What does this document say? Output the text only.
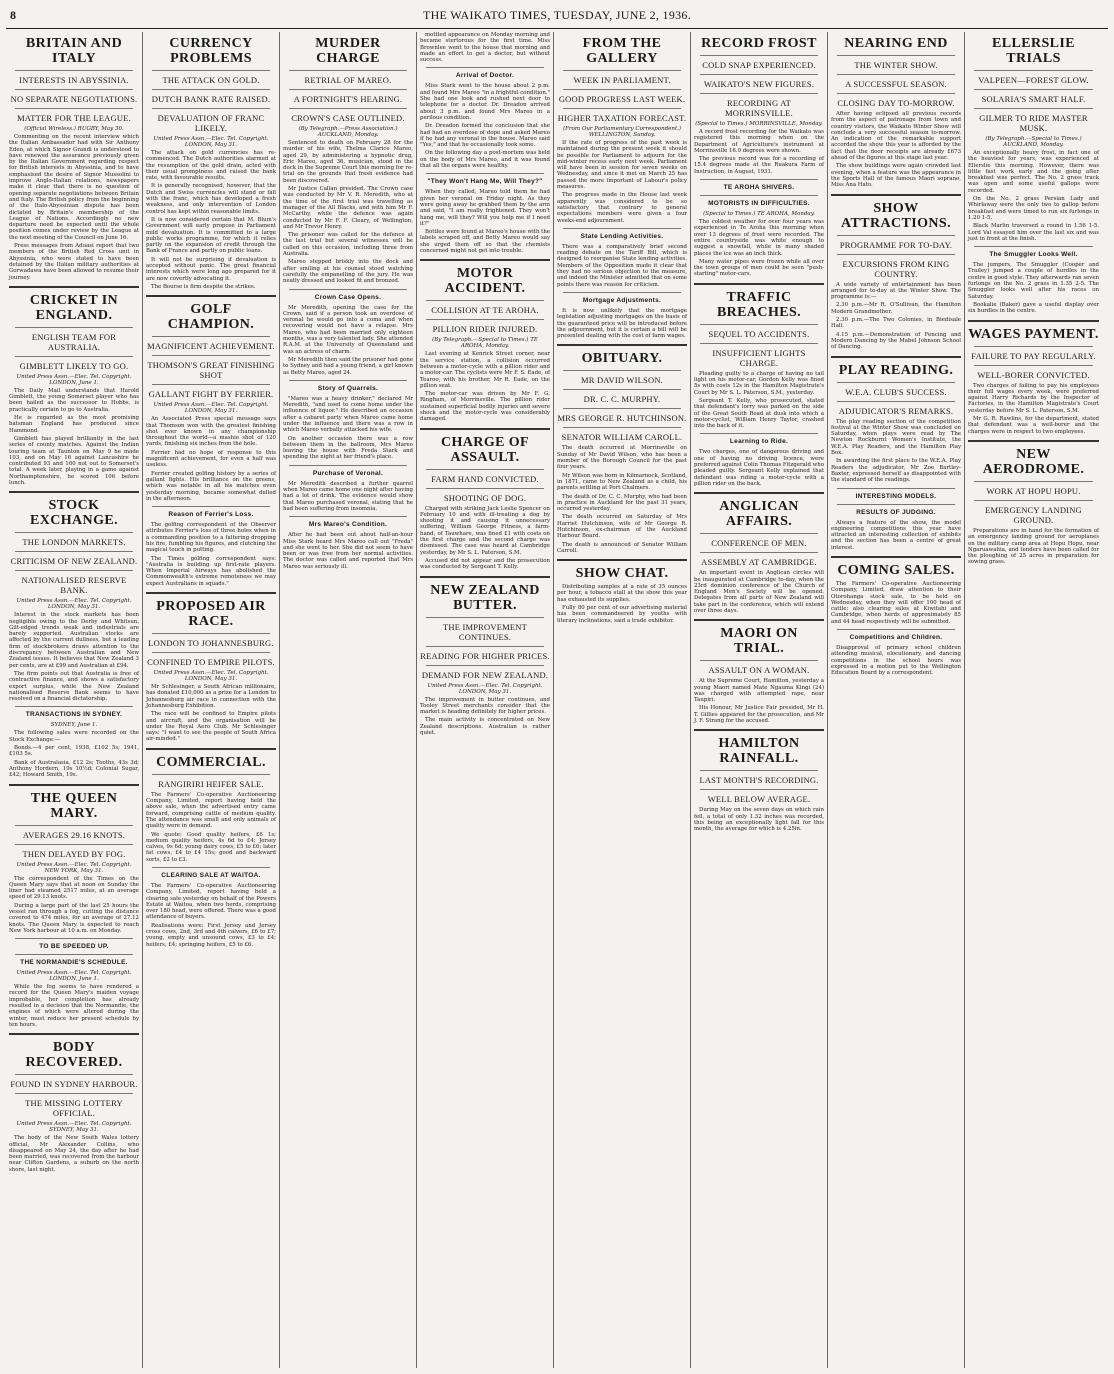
8	THE WAIKATO TIMES, TUESDAY, JUNE 2, 1936.
BRITAIN AND ITALY
INTERESTS IN ABYSSINIA.
NO SEPARATE NEGOTIATIONS.
MATTER FOR THE LEAGUE.
(Official Wireless.) RUGBY, May 30.

Commenting on the recent interview which the Italian Ambassador had with Sir Anthony Eden, at which Signor Grandi is understood to have renewed the assurance previously given by the Italian Government regarding respect for British interests in Abyssinia, and to have emphasised the desire of Signor Mussolini to improve Anglo-Italian relations, newspapers make it clear that there is no question of opening separate negotiations between Britain and Italy. The British policy from the beginning of the Italo-Abyssinian dispute has been dictated by Britain's membership of the League of Nations. Accordingly no new departure need be expected until the whole position comes under review by the League at the next meeting of the Council on June 16.

Press messages from Aduasi report that two members of the British Red Cross unit in Abyssinia, who were stated to have been detained by the Italian military authorities at Gorwadawa have been allowed to resume their journey.

CRICKET IN ENGLAND.
ENGLISH TEAM FOR AUSTRALIA.
GIMBLETT LIKELY TO GO.
United Press Assn.—Elec. Tel. Copyright. LONDON, June 1.

The Daily Mail understands that Harold Gimblett, the young Somerset player who has been hailed as the successor to Hobbs, is practically certain to go to Australia.

He is regarded as the most promising batsman England has produced since Hammond.

Gimblett has played brilliantly in the last series of county matches. Against the Indian touring team at Taunton on May 9 he made 103, and on May 16 against Lancashire he contributed 93 and 160 not out to Somerset's total. A week later, playing in a game against Northamptonshire, he scored 106 before lunch.

STOCK EXCHANGE.
THE LONDON MARKETS.
CRITICISM OF NEW ZEALAND.
NATIONALISED RESERVE BANK.
United Press Assn.—Elec. Tel. Copyright. LONDON, May 31.

Interest in the stock markets has been negligible owing to the Derby and Whitsun. Gilt-edged trends weak and industrials are barely supported. Australian stocks are affected by the current dullness, but a leading firm of stockbrokers draws attention to the discrepancy between Australian and New Zealand issues. It believes that New Zealand 3 per cents, are at £99 and Australian at £94.

The firm points out that Australia is free of contractive finance, and shows a satisfactory export surplus, while the New Zealand nationalised Reserve Bank seems to have resolved on a financial dictatorship.

TRANSACTIONS IN SYDNEY.
SYDNEY, June 1.

The following sales were recorded on the Stock Exchange:—

Bonds.—4 per cent, 1938, £102 5s; 1941, £103 5s.

Bank of Australasia, £12 2s; Tooths, 43s 3d; Anthony Hordern, 19s 10½d; Colonial Sugar, £42; Howard Smith, 19s.

THE QUEEN MARY.
AVERAGES 29.16 KNOTS.
THEN DELAYED BY FOG.
United Press Assn.—Elec. Tel. Copyright. NEW YORK, May 31.

The correspondent of the Times on the Queen Mary says that at noon on Sunday the liner had steamed 2517 miles, at an average speed of 29.13 knots.

During a large part of the last 25 hours the vessel ran through a fog, cutting the distance covered to 474 miles, for an average of 27.12 knots. The Queen Mary is expected to reach New York harbour at 10 a.m. on Monday.

TO BE SPEEDED UP.
THE NORMANDIE'S SCHEDULE.
United Press Assn.—Elec. Tel. Copyright. LONDON, June 1.

While the fog seems to have rendered a record for the Queen Mary's maiden voyage improbable, her completion has already resulted in a decision that the Normandie, the engines of which were altered during the winter, must reduce her present schedule by ten hours.

BODY RECOVERED.
FOUND IN SYDNEY HARBOUR.
THE MISSING LOTTERY OFFICIAL.
United Press Assn.—Elec. Tel. Copyright. SYDNEY, May 31.

The body of the New South Wales lottery official, Mr Alexander Collins, who disappeared on May 24, the day after he had been married, was recovered from the harbour near Clifton Gardens, a suburb on the north shore, last night.

CURRENCY PROBLEMS
THE ATTACK ON GOLD.
DUTCH BANK RATE RAISED.
DEVALUATION OF FRANC LIKELY.
United Press Assn.—Elec. Tel. Copyright. LONDON, May 31.

The attack on gold currencies has re-commenced. The Dutch authorities alarmed at the resumption of the gold drain, acted with their usual promptness and raised the bank rate, with favourable results.

It is generally recognised, however, that the Dutch and Swiss currencies will stand or fall with the franc, which has developed a fresh weakness, and only intervention of London control has kept within reasonable limits.

It is now considered certain that M. Blum's Government will early propose in Parliament mild devaluation. It is committed to a large public works programme, for which it relies partly on the expansion of credit through the Bank of France and partly on public loans.

It will not be surprising if devaluation is accepted without panic. The great financial interests which were long ago prepared for it are now covertly advocating it.

The Bourse is firm despite the strikes.

GOLF CHAMPION.
MAGNIFICENT ACHIEVEMENT.
THOMSON'S GREAT FINISHING SHOT
GALLANT FIGHT BY FERRIER.
United Press Assn.—Elec. Tel. Copyright. LONDON, May 31.

An Associated Press special message says that Thomson won with the greatest finishing shot ever known in any championship throughout the world—a mashie shot of 120 yards, finishing six inches from the hole.

Ferrier had no hope of response to this magnificent achievement, for even a half was useless.

Ferrier created golfing history by a series of gallant fights. His brilliance on the greens, which was notable in all his matches even yesterday morning, became somewhat dulled in the afternoon.

Reason of Ferrier's Loss.

The golfing correspondent of the Observer attributes Ferrier's loss of three holes when in a commanding position to a faltering dropping his fire, fumbling his figures, and clutching the magical touch in putting.

The Times golfing correspondent says: "Australia is building up first-rate players. When Imperial Airways has abolished the Commonwealth's extreme remoteness we may expect Australians in squads."

PROPOSED AIR RACE.
LONDON TO JOHANNESBURG.
CONFINED TO EMPIRE PILOTS.
United Press Assn.—Elec. Tel. Copyright. LONDON, May 31.

Mr Schlesinger, a South African millionaire, has donated £10,000 as a prize for a London to Johannesburg air race in connection with the Johannesburg Exhibition.

The race will be confined to Empire pilots and aircraft, and the organisation will be under the Royal Aero Club. Mr Schlesinger says: "I want to see the people of South Africa air-minded."

COMMERCIAL.
RANGIRIRI HEIFER SALE.

The Farmers' Co-operative Auctioneering Company, Limited, report having held the above sale, when the advertised entry came forward, comprising cattle of medium quality. The attendance was small and only animals of quality were in demand.

We quote: Good quality heifers, £6 1s; medium quality heifers, 4s 6d to £4; Jersey calves, 9s 6d; young dairy cows, £5 to £6; later fat cows, £4 to £4 15s; good and backward sorts, £2 to £3.

CLEARING SALE AT WAITOA.

The Farmers' Co-operative Auctioneering Company, Limited, report having held a clearing sale yesterday on behalf of the Powers Estate at Waitoa, when two herds, comprising over 180 head, were offered. There was a good attendance of buyers.

Realisations were: First Jersey and Jersey cross cows, 2nd, 3rd and 4th calvers, £6 to £7; young, empty and unsound cows, £3 to £4; heifers, £4; springing heifers, £5 to £6.

MURDER CHARGE
RETRIAL OF MAREO.
A FORTNIGHT'S HEARING.
CROWN'S CASE OUTLINED.
(By Telegraph.—Press Association.) AUCKLAND, Monday.

Sentenced to death on February 28 for the murder of his wife, Thelma Clarice Mareo, aged 29, by administering a hypnotic drug, Eric Mareo, aged 36, musician, stood in the dock in the Supreme Court this morning for re-trial on the grounds that fresh evidence had been discovered.

Mr Justice Callan presided. The Crown case was conducted by Mr V. R. Meredith, who at the time of the first trial was travelling as manager of the All Blacks, and with him Mr F. McCarthy, while the defence was again conducted by Mr F. F. Cleary, of Wellington, and Mr Trevor Henry.

The prisoner was called for the defence at the last trial but several witnesses will be called on this occasion, including three from Australia.

Mareo stepped briskly into the dock and after smiling at his counsel stood watching carefully the empanelling of the jury. He was neatly dressed and looked fit and bronzed.

Crown Case Opens.

Mr Meredith, opening the case for the Crown, said if a person took an overdose of veronal he would go into a coma and when recovering would not have a relapse. Mrs Mareo, who had been married only eighteen months, was a very talented lady. She attended R.A.M. at the University of Queensland and was an actress of charm.

Mr Meredith then said the prisoner had gone to Sydney and had a young friend, a girl known as Betty Mareo, aged 24.

Story of Quarrels.

"Mareo was a heavy drinker," declared Mr Meredith, "and used to come home under the influence of liquor." He described an occasion after a cabaret party when Mareo came home under the influence and there was a row in which Mareo verbally attacked his wife.

On another occasion there was a row between them in the ballroom, Mrs Mareo leaving the house with Freda Stark and spending the night at her friend's place.

Purchase of Veronal.

Mr Meredith described a further quarrel when Mareo came home one night after having had a lot of drink. The evidence would show that Mareo purchased veronal, stating that he had been suffering from insomnia.

Mrs Mareo's Condition.

After he had been out about half-an-hour Miss Stark heard Mrs Mareo call out "Freda" and she went to her. She did not seem to have been or was free from her normal activities. The doctor was called and reported that Mrs Mareo was seriously ill.

mottled appearance on Monday morning and became stertorous for the first time. Miss Brownlee went to the house that morning and made an effort to get a doctor, but without success.

Arrival of Doctor.

Miss Stark went to the house about 2 p.m. and found Mrs Mareo "in a frightful condition." She had one look and rushed next door to telephone for a doctor. Dr. Dreadon arrived about 3 p.m. and found Mrs Mareo in a perilous condition.

Dr. Dreadon formed the conclusion that she had had an overdose of dope and asked Mareo if he had any veronal in the house. Mareo said "Yes," and that he occasionally took some.

On the following day a post-mortem was held on the body of Mrs Mareo, and it was found that all the organs were healthy.

"They Won't Hang Me, Will They?"

When they called, Mareo told them he had given her veronal on Friday night. As they were going away he grabbed them by the arm and said, "I am really frightened. They won't hang me, will they? Will you help me if I need it?"

Bottles were found at Mareo's house with the labels scraped off, and Betty Mareo would say she urged them off so that the chemists concerned might not get into trouble.

MOTOR ACCIDENT.
COLLISION AT TE AROHA.
PILLION RIDER INJURED.
(By Telegraph.—Special to Times.) TE AROHA, Monday.

Last evening at Kenrick Street corner, near the service station, a collision occurred between a motor-cycle with a pillion rider and a motor-car. The cyclists were Mr F. S. Eade, of Tearoo, with his brother, Mr R. Eade, on the pillion seat.

The motor-car was driven by Mr F. G. Ringham, of Morrinsville. The pillion rider sustained superficial bodily injuries and severe shock and the motor-cycle was considerably damaged.

CHARGE OF ASSAULT.
FARM HAND CONVICTED.
SHOOTING OF DOG.

Charged with striking Jack Leslie Spencer on February 10 and with ill-treating a dog by shooting it and causing it unnecessary suffering, William George Fitness, a farm-hand, of Tauwhare, was fined £1 with costs on the first charge and the second charge was dismissed. The case was heard at Cambridge yesterday, by Mr S. L. Paterson, S.M.

Accused did not appear and the prosecution was conducted by Sergeant T. Kelly.

NEW ZEALAND BUTTER.
THE IMPROVEMENT CONTINUES.
READING FOR HIGHER PRICES.
DEMAND FOR NEW ZEALAND.
United Press Assn.—Elec. Tel. Copyright. LONDON, May 31.

The improvement in butter continues, and Tooley Street merchants consider that the market is heading definitely for higher prices.

The main activity is concentrated on New Zealand descriptions. Australian is rather quiet.

FROM THE GALLERY
WEEK IN PARLIAMENT.
GOOD PROGRESS LAST WEEK.
HIGHER TAXATION FORECAST.
(From Our Parliamentary Correspondent.) WELLINGTON, Sunday.

If the rate of progress of the past week is maintained during the present week it should be possible for Parliament to adjourn for the mid-winter recess early next week. Parliament will have been in session for seven weeks on Wednesday, and since it met on March 25 has passed the more important of Labour's policy measures.

The progress made in the House last week apparently was considered to be so satisfactory that contrary to general expectations members were given a four weeks-end adjournment.

State Lending Activities.

There was a comparatively brief second reading debate on the Tariff Bill, which is designed to reorganise State lending activities. Members of the Opposition made it clear that they had no serious objection to the measure, and indeed the Minister admitted that on some points there was reason for criticism.

Mortgage Adjustments.

It is now unlikely that the mortgage legislation adjusting mortgages on the basis of the guaranteed price will be introduced before the adjournment, but it is certain a bill will be presented dealing with the cost of farm wages.

OBITUARY.
MR DAVID WILSON.
DR. C. C. MURPHY.
MRS GEORGE R. HUTCHINSON.
SENATOR WILLIAM CAROLL.

The death occurred at Morrinsville on Sunday of Mr David Wilson, who has been a member of the Borough Council for the past four years.

Mr Wilson was born in Kilmarnock, Scotland, in 1871, came to New Zealand as a child, his parents settling at Port Chalmers.

The death of Dr. C. C. Murphy, who had been in practice in Auckland for the past 31 years, occurred yesterday.

The death occurred on Saturday of Mrs Harriet Hutchinson, wife of Mr George R. Hutchinson, ex-chairman of the Auckland Harbour Board.

The death is announced of Senator William Carroll.

SHOW CHAT.

Distributing samples at a rate of 35 ounces per hour, a tobacco stall at the show this year has exhausted its supplies.

Fully 80 per cent of our advertising material has been commandeered by youths with literary inclinations, said a trade exhibitor.

RECORD FROST
COLD SNAP EXPERIENCED.
WAIKATO'S NEW FIGURES.
RECORDING AT MORRINSVILLE.
(Special to Times.) MORRINSVILLE, Monday.

A record frost recording for the Waikato was registered this morning when on the Department of Agriculture's instrument at Morrinsville 16.9 degrees were shown.

The previous record was for a recording of 15.4 degrees made at the Ruakura Farm of Instruction, in August, 1931.

TE AROHA SHIVERS.
MOTORISTS IN DIFFICULTIES.
(Special to Times.) TE AROHA, Monday.

The coldest weather for over four years was experienced in Te Aroha this morning when over 13 degrees of frost were recorded. The entire countryside was white enough to suggest a snowfall, while in many shaded places the ice was an inch thick.

Many water pipes were frozen while all over the town groups of men could be seen "push-starting" motor-cars.

TRAFFIC BREACHES.
SEQUEL TO ACCIDENTS.
INSUFFICIENT LIGHTS CHARGE.

Pleading guilty to a charge of having no tail light on his motor-car, Gordon Kelly was fined 5s with costs 12s in the Hamilton Magistrate's Court by Mr S. L. Paterson, S.M., yesterday.

Sergeant T. Kelly, who prosecuted, stated that defendant's lorry was parked on the side of the Great South Road at dusk into which a motor-cyclist, William Henry Taylor, crashed into the back of it.

Learning to Ride.

Two charges, one of dangerous driving and one of having no driving licence, were preferred against Colin Thomas Fitzgerald who pleaded guilty. Sergeant Kelly explained that defendant was riding a motor-cycle with a pillion rider on the back.

ANGLICAN AFFAIRS.
CONFERENCE OF MEN.
ASSEMBLY AT CAMBRIDGE.

An important event in Anglican circles will be inaugurated at Cambridge to-day, when the 23rd dominion conference of the Church of England Men's Society will be opened. Delegates from all parts of New Zealand will take part in the conference, which will extend over three days.

MAORI ON TRIAL.
ASSAULT ON A WOMAN.

At the Supreme Court, Hamilton, yesterday a young Maori named Mate Ngauma Kingi (24) was charged with attempted rape, near Taupiri.

His Honour, Mr Justice Fair presided, Mr H. T. Gillies appeared for the prosecution, and Mr J. F. Strang for the accused.

HAMILTON RAINFALL.
LAST MONTH'S RECORDING.
WELL BELOW AVERAGE.

During May on the seven days on which rain fell, a total of only 1.32 inches was recorded, this being an exceptionally light fall for this month, the average for which is 4.25in.

NEARING END
THE WINTER SHOW.
A SUCCESSFUL SEASON.
CLOSING DAY TO-MORROW.

After having eclipsed all previous records from the aspect of patronage from town and country visitors, the Waikato Winter Show will conclude a very successful season to-morrow. An indication of the remarkable support accorded the show this year is afforded by the fact that the door receipts are already £673 ahead of the figures at this stage last year.

The show buildings were again crowded last evening, when a feature was the appearance in the Sports Hall of the famous Maori soprano, Miss Ana Hato.

SHOW ATTRACTIONS.
PROGRAMME FOR TO-DAY.
EXCURSIONS FROM KING COUNTRY.

A wide variety of entertainment has been arranged for to-day at the Winter Show. The programme is:—

2.30 p.m.—Mr R. O'Sullivan, the Hamilton Modern Grandmother.

2.30 p.m.—The Two Colonies, in Biedisale Hall.

4.15 p.m.—Demonstration of Fencing and Modern Dancing by the Mabel Johnson School of Dancing.

PLAY READING.
W.E.A. CLUB'S SUCCESS.
ADJUDICATOR'S REMARKS.

The play reading section of the competition festival at the Winter Show was concluded on Saturday, when plays were read by The Newton Rockburnt Women's Institute, the W.E.A. Play Readers, and the Hamilton Play Box.

In awarding the first place to the W.E.A. Play Readers the adjudicator, Mr Zoe Bartley-Baxter, expressed herself as disappointed with the standard of the readings.

INTERESTING MODELS.
RESULTS OF JUDGING.

Always a feature of the show, the model engineering competitions this year have attracted an interesting collection of exhibits and the section has been a centre of great interest.

COMING SALES.

The Farmers' Co-operative Auctioneering Company, Limited, draw attention to their Otorohanga stock sale, to be held on Wednesday, when they will offer 100 head of cattle; also clearing sales at Kiwitahi and Cambridge, when herds of approximately 85 and 44 head respectively will be submitted.

Competitions and Children.

Disapproval of primary school children attending musical, elocutionary, and dancing competitions in the school hours was expressed in a motion put to the Wellington Education Board by a correspondent.

ELLERSLIE TRIALS
VALPEEN—FOREST GLOW.
SOLARIA'S SMART HALF.
GILMER TO RIDE MASTER MUSK.
(By Telegraph.—Special to Times.) AUCKLAND, Monday.

An exceptionally heavy frost, in fact one of the heaviest for years, was experienced at Ellerslie this morning. However, there was little fast work early and the going after breakfast was perfect. The No. 2 grass track was open and some useful gallops were recorded.

On the No. 2 grass Persian Lady and Whirlaway were the only two to gallop before breakfast and were timed to run six furlongs in 1.20 1-5.

Black Marlin traversed a round in 1.56 1-5. Lord Val essayed him over the last six and was just in front at the finish.

The Smuggler Looks Well.

The jumpers, The Smuggler (Cooper and Trailey) jumped a couple of hurdles in the centre in good style. They afterwards ran seven furlongs on the No. 2 grass in 1.35 2-5. The Smuggler looks well after his races on Saturday.

Bookalie (Baker) gave a useful display over six hurdles in the centre.

WAGES PAYMENT.
FAILURE TO PAY REGULARLY.
WELL-BORER CONVICTED.

Two charges of failing to pay his employees their full wages every week, were preferred against Harry Richards by the Inspector of Factories, in the Hamilton Magistrate's Court yesterday before Mr S. L. Paterson, S.M.

Mr G. R. Rawlins, for the department, stated that defendant was a well-borer and the charges were in respect to two employees.

NEW AERODROME.
WORK AT HOPU HOPU.
EMERGENCY LANDING GROUND.

Preparations are in hand for the formation of an emergency landing ground for aeroplanes on the military camp area at Hopu Hopu, near Ngaruawahia, and tenders have been called for the ploughing of 25 acres in preparation for sowing grass.
